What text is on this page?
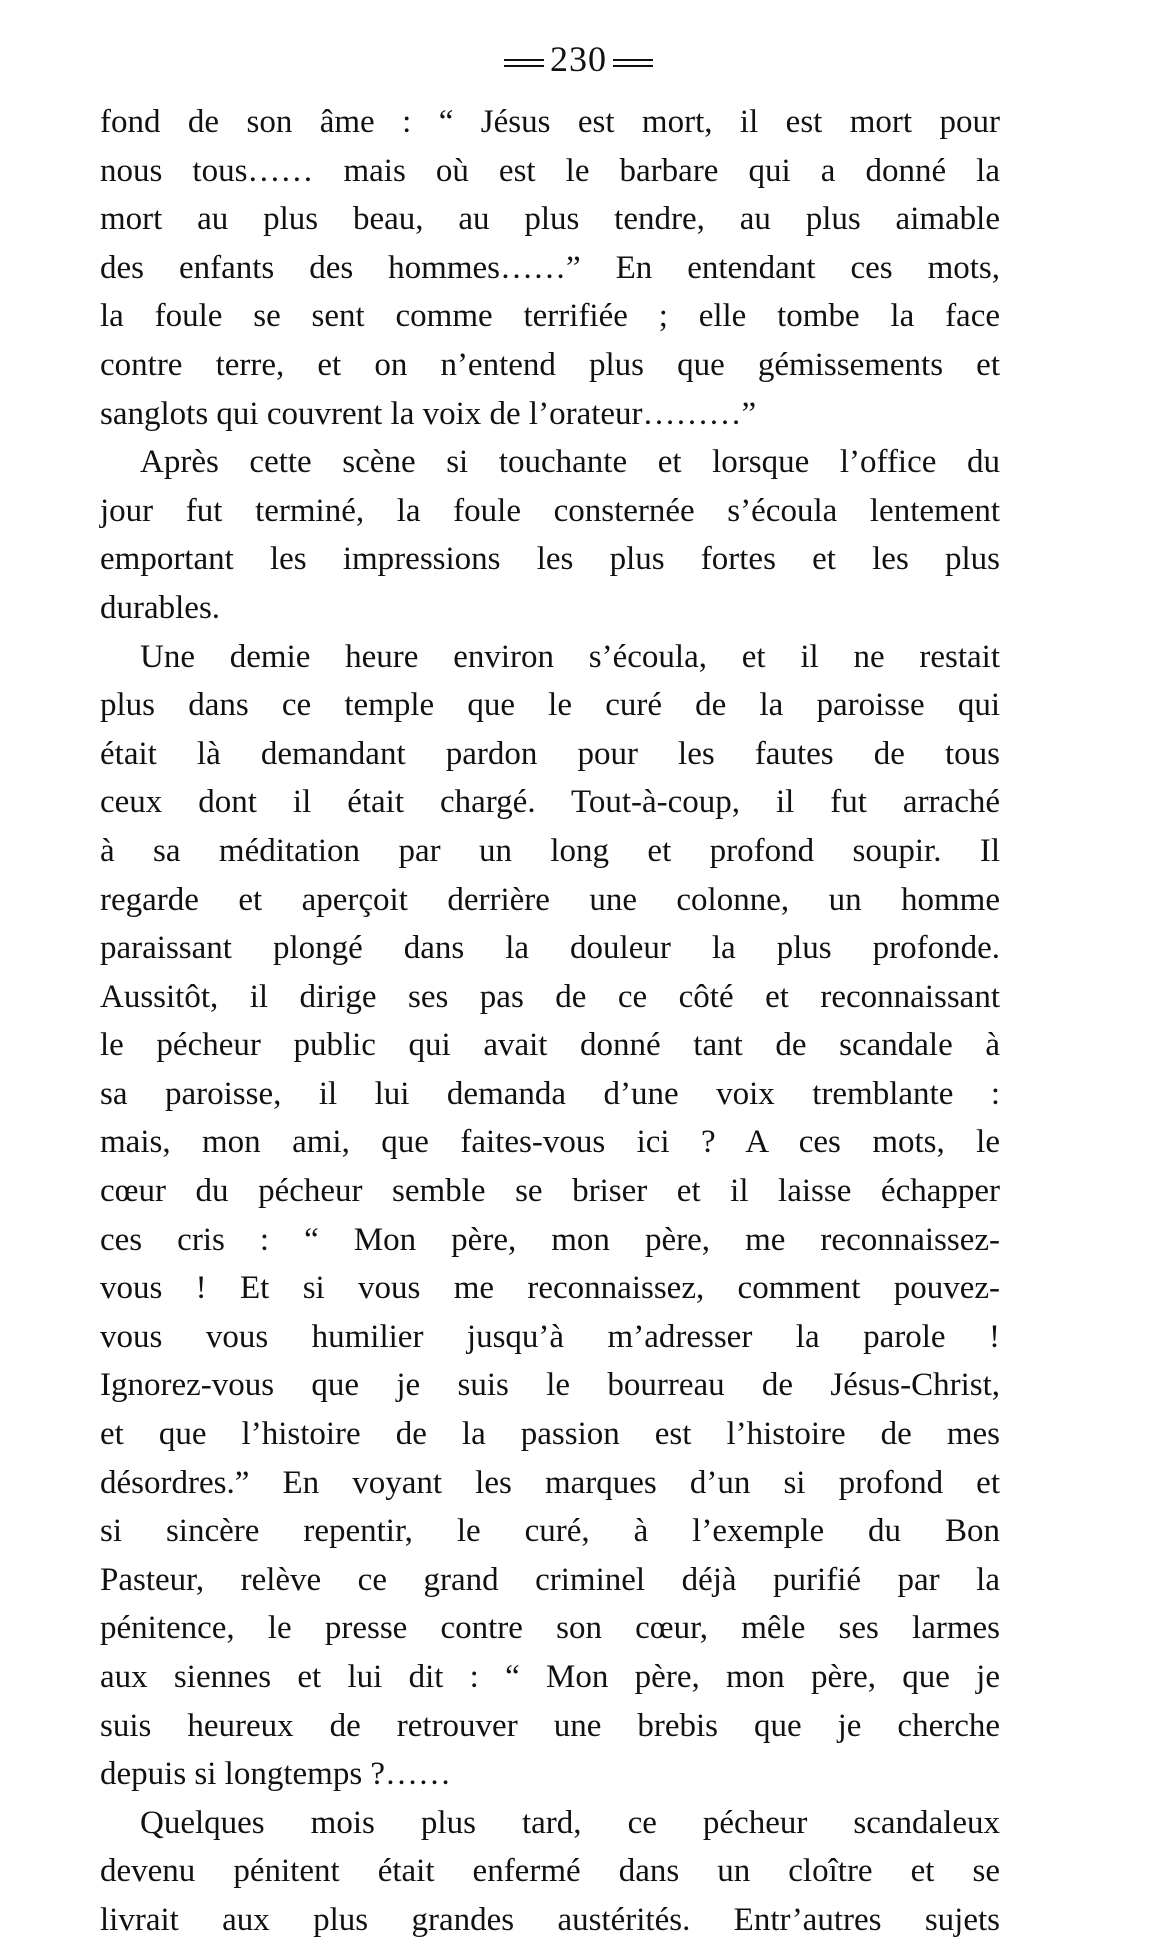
230
fond de son âme : “ Jésus est mort, il est mort pour
nous tous…… mais où est le barbare qui a donné la
mort au plus beau, au plus tendre, au plus aimable
des enfants des hommes……” En entendant ces mots,
la foule se sent comme terrifiée ; elle tombe la face
contre terre, et on n’entend plus que gémissements et
sanglots qui couvrent la voix de l’orateur………”
Après cette scène si touchante et lorsque l’office du
jour fut terminé, la foule consternée s’écoula lentement
emportant les impressions les plus fortes et les plus
durables.
Une demie heure environ s’écoula, et il ne restait
plus dans ce temple que le curé de la paroisse qui
était là demandant pardon pour les fautes de tous
ceux dont il était chargé. Tout-à-coup, il fut arraché
à sa méditation par un long et profond soupir. Il
regarde et aperçoit derrière une colonne, un homme
paraissant plongé dans la douleur la plus profonde.
Aussitôt, il dirige ses pas de ce côté et reconnaissant
le pécheur public qui avait donné tant de scandale à
sa paroisse, il lui demanda d’une voix tremblante :
mais, mon ami, que faites-vous ici ? A ces mots, le
cœur du pécheur semble se briser et il laisse échapper
ces cris : “ Mon père, mon père, me reconnaissez-
vous ! Et si vous me reconnaissez, comment pouvez-
vous vous humilier jusqu’à m’adresser la parole !
Ignorez-vous que je suis le bourreau de Jésus-Christ,
et que l’histoire de la passion est l’histoire de mes
désordres.” En voyant les marques d’un si profond et
si sincère repentir, le curé, à l’exemple du Bon
Pasteur, relève ce grand criminel déjà purifié par la
pénitence, le presse contre son cœur, mêle ses larmes
aux siennes et lui dit : “ Mon père, mon père, que je
suis heureux de retrouver une brebis que je cherche
depuis si longtemps ?……
Quelques mois plus tard, ce pécheur scandaleux
devenu pénitent était enfermé dans un cloître et se
livrait aux plus grandes austérités. Entr’autres sujets
